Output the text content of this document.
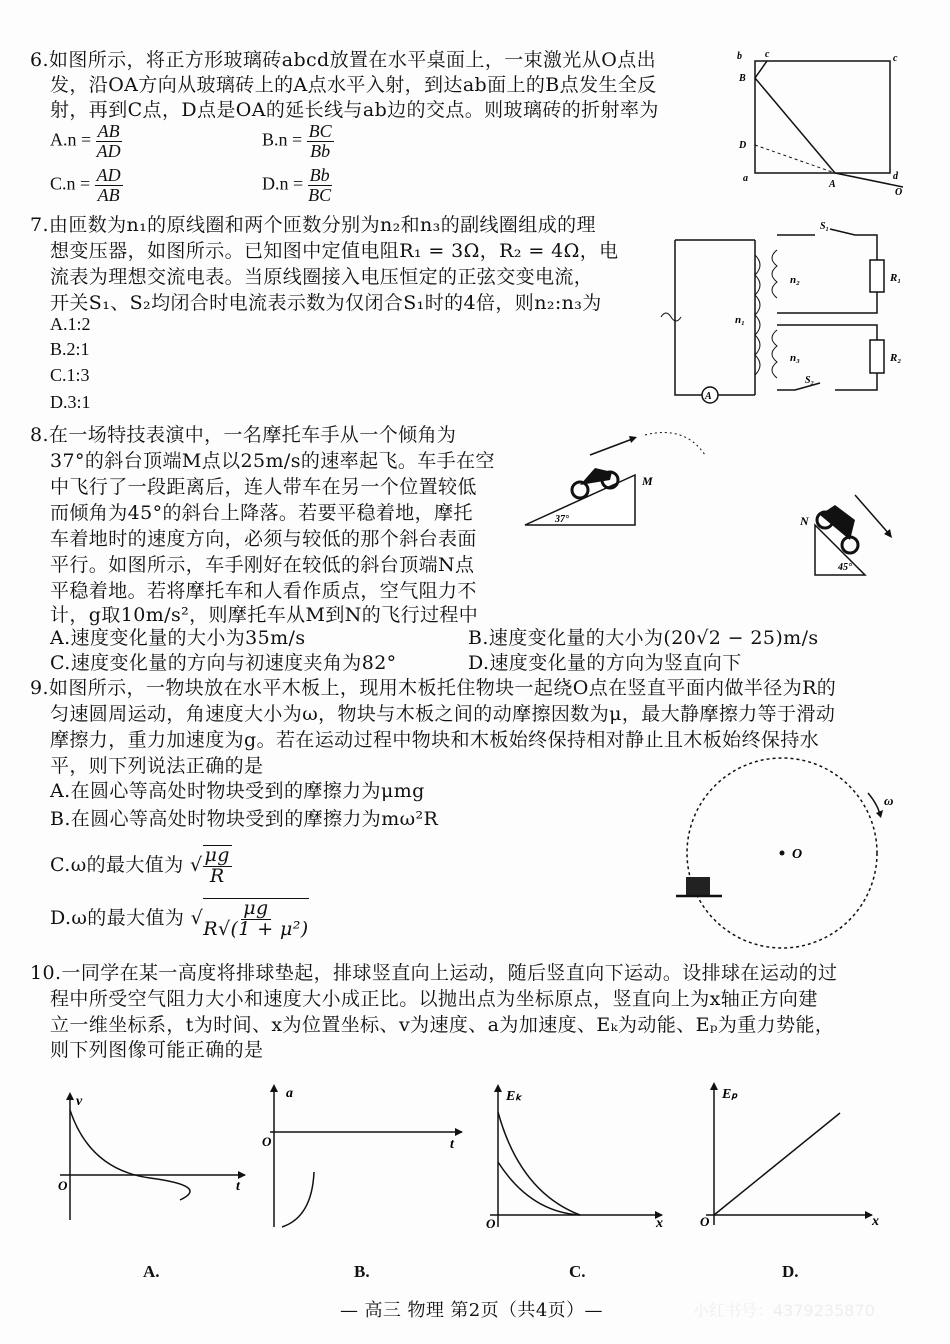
6.如图所示，将正方形玻璃砖abcd放置在水平桌面上，一束激光从O点出
发，沿OA方向从玻璃砖上的A点水平入射，到达ab面上的B点发生全反
射，再到C点，D点是OA的延长线与ab边的交点。则玻璃砖的折射率为
$A.n = \frac{AB}{AD}$	$B.n = \frac{BC}{Bb}$
$C.n = \frac{AD}{AB}$	$D.n = \frac{Bb}{BC}$
b c	c
B
D
a
A
d
O
7.由匝数为n₁的原线圈和两个匝数分别为n₂和n₃的副线圈组成的理
想变压器，如图所示。已知图中定值电阻R₁ = 3Ω，R₂ = 4Ω，电
流表为理想交流电表。当原线圈接入电压恒定的正弦交变电流，
开关S₁、S₂均闭合时电流表示数为仅闭合S₁时的4倍，则n₂:n₃为
A.1:2
B.2:1
C.1:3
D.3:1	A
n₁
R₁
S₁
n₂
R₂
n₃
S₂
8.在一场特技表演中，一名摩托车手从一个倾角为
37°的斜台顶端M点以25m/s的速率起飞。车手在空
中飞行了一段距离后，连人带车在另一个位置较低
而倾角为45°的斜台上降落。若要平稳着地，摩托
车着地时的速度方向，必须与较低的那个斜台表面
平行。如图所示，车手刚好在较低的斜台顶端N点
平稳着地。若将摩托车和人看作质点，空气阻力不
计，g取10m/s²，则摩托车从M到N的飞行过程中
A.速度变化量的大小为35m/s	B.速度变化量的大小为(20√2 − 25)m/s
C.速度变化量的方向与初速度夹角为82°	D.速度变化量的方向为竖直向下
M
37°	N
45°
9.如图所示，一物块放在水平木板上，现用木板托住物块一起绕O点在竖直平面内做半径为R的
匀速圆周运动，角速度大小为ω，物块与木板之间的动摩擦因数为μ，最大静摩擦力等于滑动
摩擦力，重力加速度为g。若在运动过程中物块和木板始终保持相对静止且木板始终保持水
平，则下列说法正确的是
A.在圆心等高处时物块受到的摩擦力为μmg
B.在圆心等高处时物块受到的摩擦力为mω²R
C.ω的最大值为 √ $\frac{\mu g}{R}$
D.ω的最大值为 √ $\frac{\mu g}{\text{R√(1 + μ²)}}$
O
ω
10.一同学在某一高度将排球垫起，排球竖直向上运动，随后竖直向下运动。设排球在运动的过
程中所受空气阻力大小和速度大小成正比。以抛出点为坐标原点，竖直向上为x轴正方向建
立一维坐标系，t为时间、x为位置坐标、v为速度、a为加速度、Eₖ为动能、Eₚ为重力势能，
则下列图像可能正确的是
v
t
O
a
t
O
Eₖ
x
O
Eₚ
x
O
A.	B.	C.	D.
— 高三 物理 第2页（共4页）—	小红书号：4379235870
